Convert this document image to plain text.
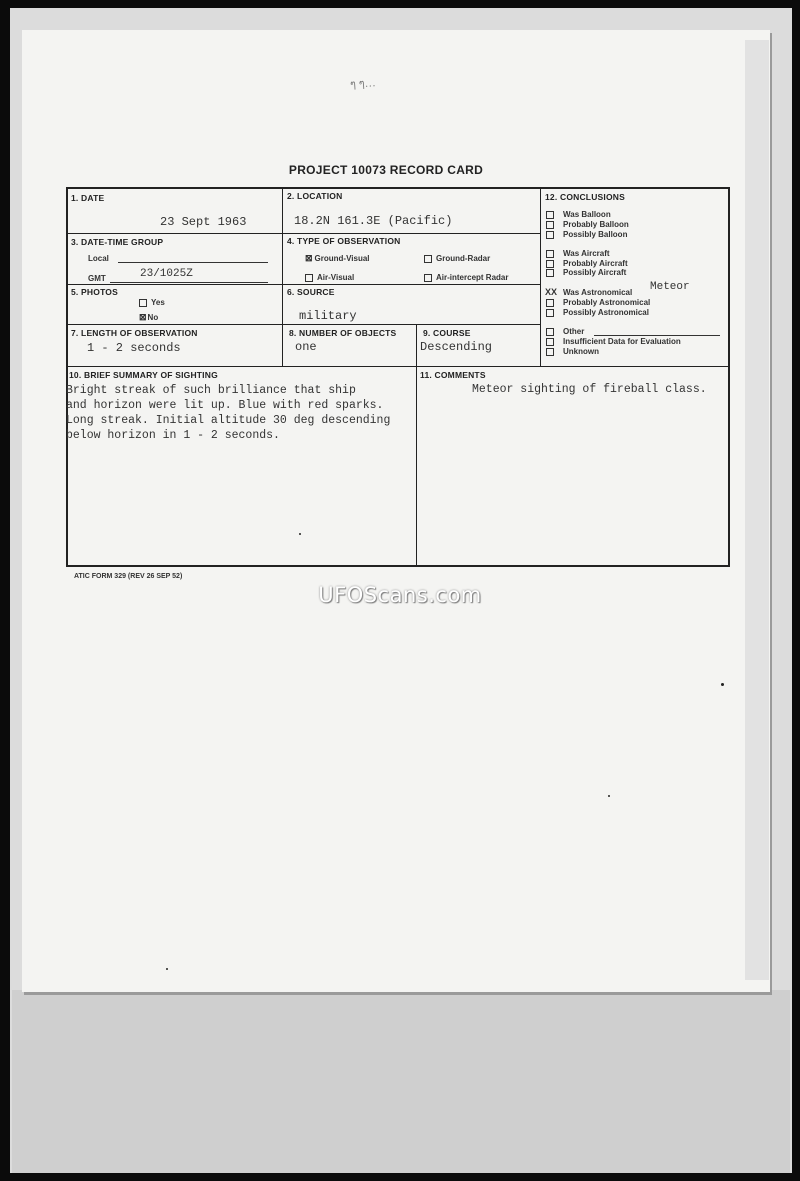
ๆ ๆ…
PROJECT 10073 RECORD CARD
1. DATE
23 Sept 1963
2. LOCATION
18.2N 161.3E (Pacific)
3. DATE-TIME GROUP
Local
GMT	23/1025Z
4. TYPE OF OBSERVATION
⊠ Ground-Visual	Ground-Radar
Air-Visual	Air-intercept Radar
5. PHOTOS
Yes
⊠No
6. SOURCE
military
7. LENGTH OF OBSERVATION
1 - 2 seconds
8. NUMBER OF OBJECTS
one
9. COURSE
Descending
10. BRIEF SUMMARY OF SIGHTING
Bright streak of such brilliance that ship
and horizon were lit up. Blue with red sparks.
Long streak. Initial altitude 30 deg descending
below horizon in 1 - 2 seconds.
11. COMMENTS
Meteor sighting of fireball class.
12. CONCLUSIONS
Was Balloon
Probably Balloon
Possibly Balloon
Was Aircraft
Probably Aircraft
Possibly Aircraft
XX Was Astronomical Meteor
Probably Astronomical
Possibly Astronomical
Other
Insufficient Data for Evaluation
Unknown
ATIC FORM 329 (REV 26 SEP 52)
UFOScans.com
